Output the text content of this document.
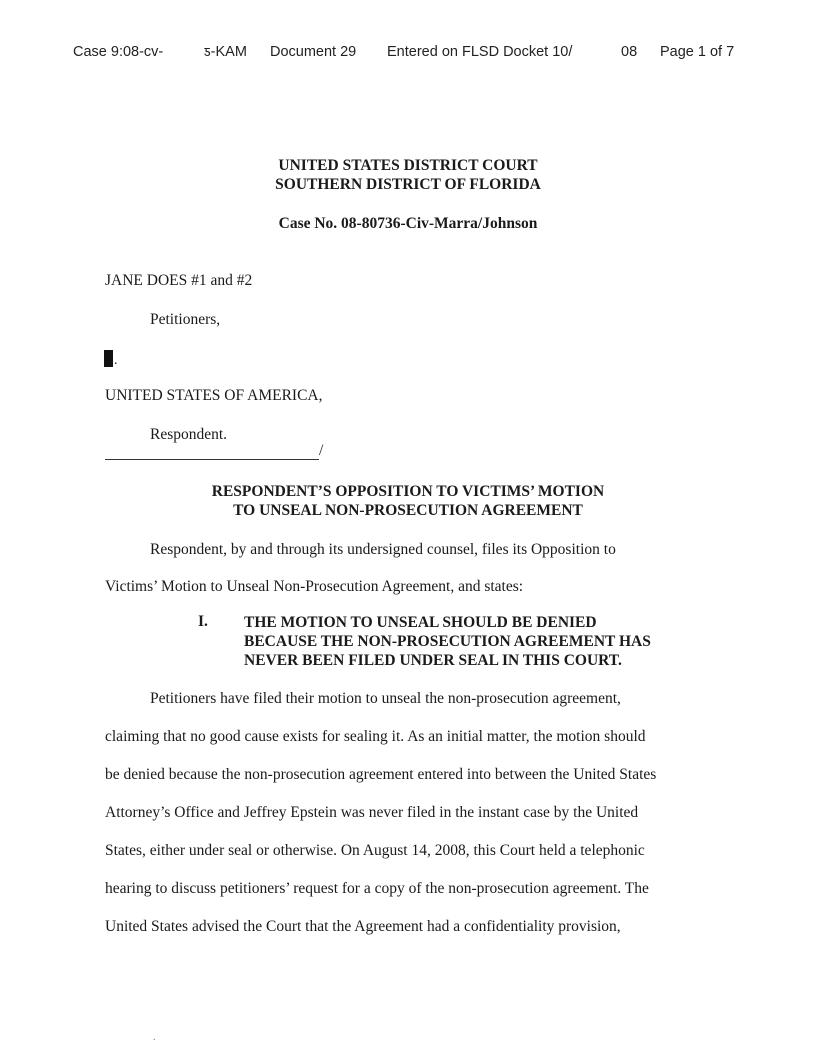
Case 9:08-cv-	ƽ-KAM Document 29 Entered on FLSD Docket 10/	08 Page 1 of 7
UNITED STATES DISTRICT COURT
SOUTHERN DISTRICT OF FLORIDA
Case No. 08-80736-Civ-Marra/Johnson
JANE DOES #1 and #2
Petitioners,
.
UNITED STATES OF AMERICA,
Respondent.
/
RESPONDENT’S OPPOSITION TO VICTIMS’ MOTION
TO UNSEAL NON-PROSECUTION AGREEMENT
Respondent, by and through its undersigned counsel, files its Opposition to
Victims’ Motion to Unseal Non-Prosecution Agreement, and states:
I. THE MOTION TO UNSEAL SHOULD BE DENIED
BECAUSE THE NON-PROSECUTION AGREEMENT HAS
NEVER BEEN FILED UNDER SEAL IN THIS COURT.
Petitioners have filed their motion to unseal the non-prosecution agreement,
claiming that no good cause exists for sealing it. As an initial matter, the motion should
be denied because the non-prosecution agreement entered into between the United States
Attorney’s Office and Jeffrey Epstein was never filed in the instant case by the United
States, either under seal or otherwise. On August 14, 2008, this Court held a telephonic
hearing to discuss petitioners’ request for a copy of the non-prosecution agreement. The
United States advised the Court that the Agreement had a confidentiality provision,
.
